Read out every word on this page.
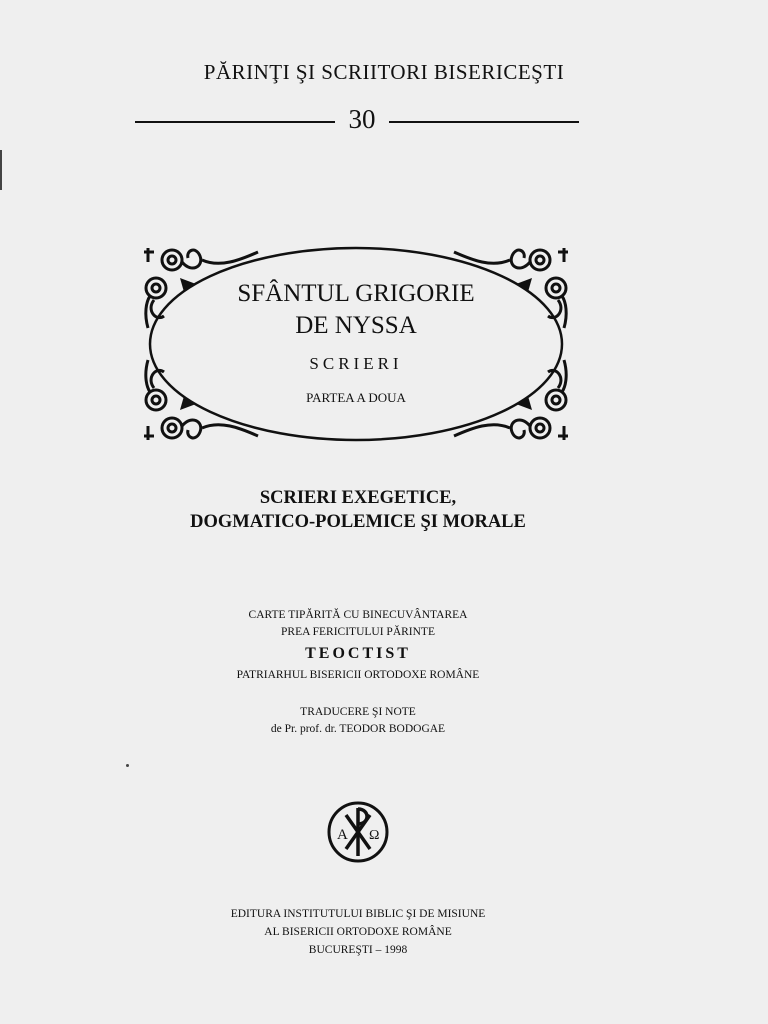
PĂRINŢI ŞI SCRIITORI BISERICEŞTI
30
SFÂNTUL GRIGORIE
DE NYSSA
SCRIERI
PARTEA A DOUA
SCRIERI EXEGETICE,
DOGMATICO-POLEMICE ŞI MORALE
CARTE TIPĂRITĂ CU BINECUVÂNTAREA
PREA FERICITULUI PĂRINTE
TEOCTIST
PATRIARHUL BISERICII ORTODOXE ROMÂNE
TRADUCERE ŞI NOTE
de Pr. prof. dr. TEODOR BODOGAE
A Ω
EDITURA INSTITUTULUI BIBLIC ŞI DE MISIUNE
AL BISERICII ORTODOXE ROMÂNE
BUCUREŞTI – 1998
